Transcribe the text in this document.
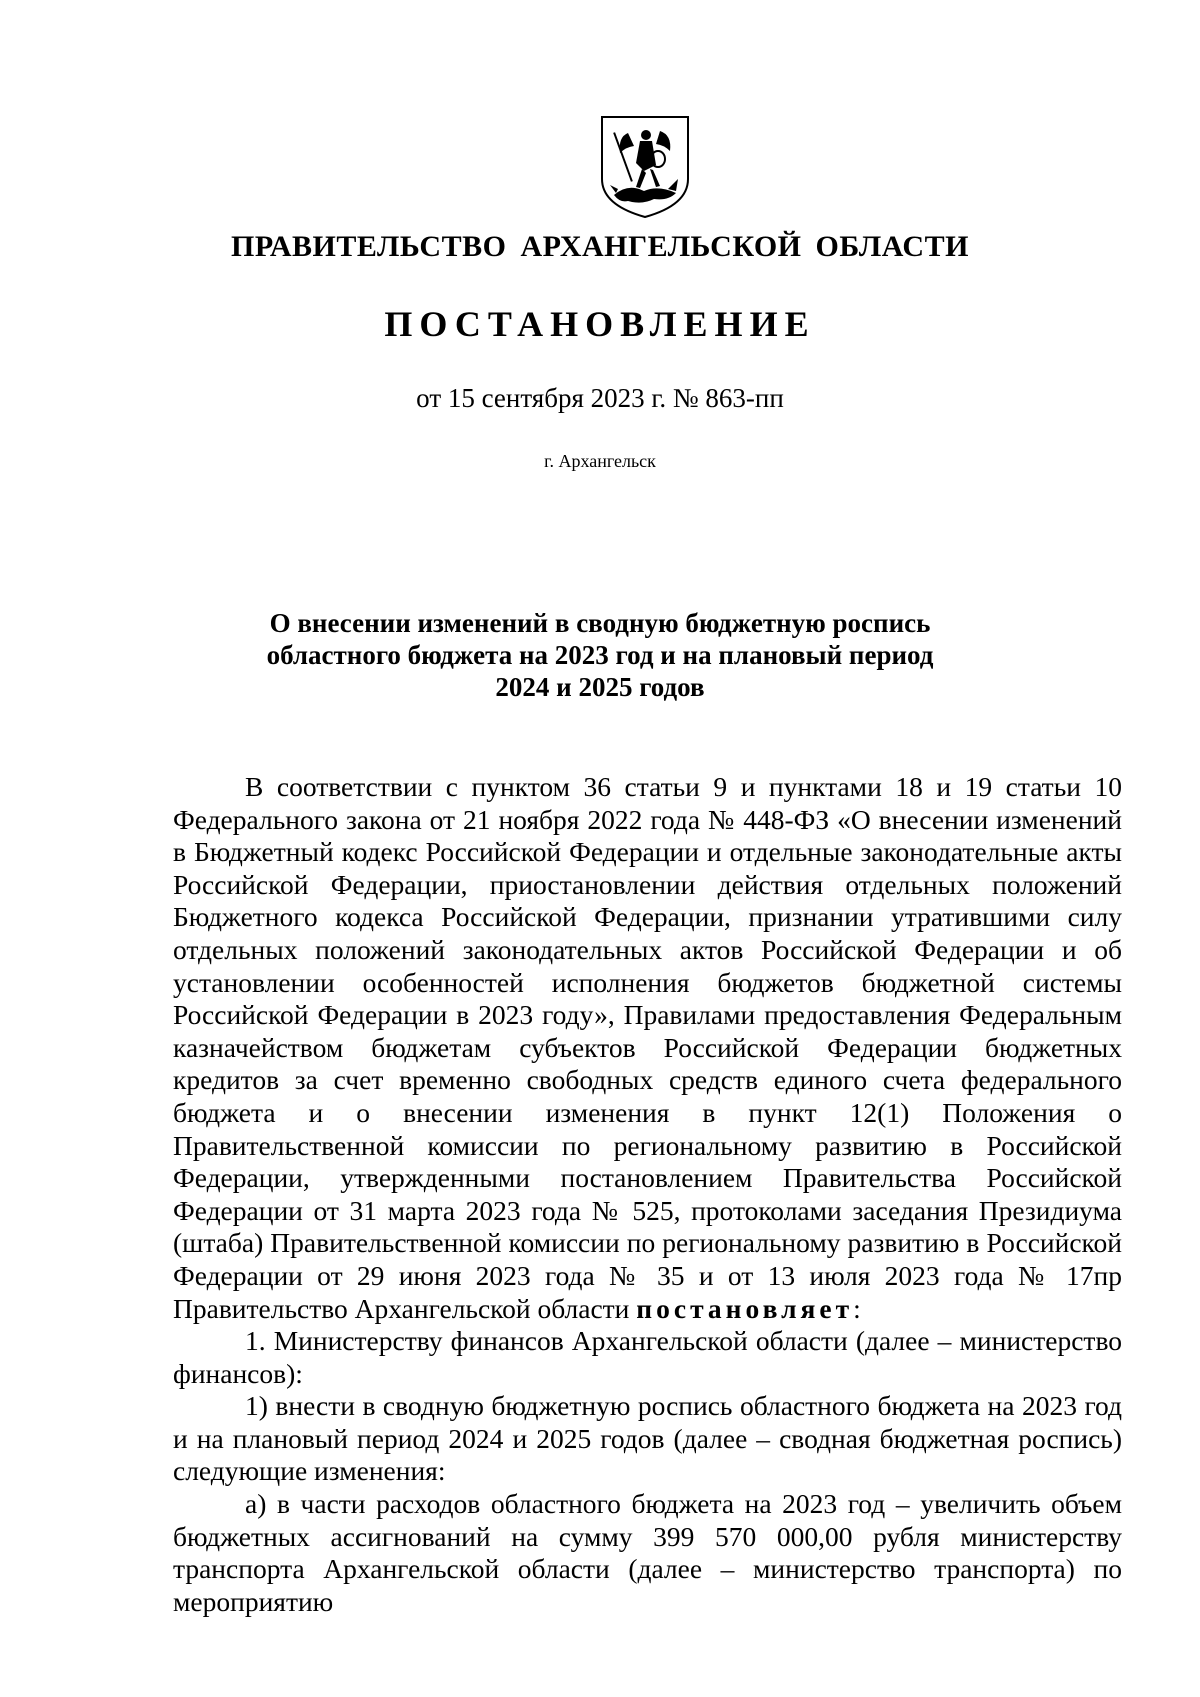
ПРАВИТЕЛЬСТВО АРХАНГЕЛЬСКОЙ ОБЛАСТИ
ПОСТАНОВЛЕНИЕ
от 15 сентября 2023 г. № 863-пп
г. Архангельск
О внесении изменений в сводную бюджетную роспись
областного бюджета на 2023 год и на плановый период
2024 и 2025 годов

В соответствии с пунктом 36 статьи 9 и пунктами 18 и 19 статьи 10 Федерального закона от 21 ноября 2022 года № 448-ФЗ «О внесении изменений в Бюджетный кодекс Российской Федерации и отдельные законодательные акты Российской Федерации, приостановлении действия отдельных положений Бюджетного кодекса Российской Федерации, признании утратившими силу отдельных положений законодательных актов Российской Федерации и об установлении особенностей исполнения бюджетов бюджетной системы Российской Федерации в 2023 году», Правилами предоставления Федеральным казначейством бюджетам субъектов Российской Федерации бюджетных кредитов за счет временно свободных средств единого счета федерального бюджета и о внесении изменения в пункт 12(1) Положения о Правительственной комиссии по региональному развитию в Российской Федерации, утвержденными постановлением Правительства Российской Федерации от 31 марта 2023 года № 525, протоколами заседания Президиума (штаба) Правительственной комиссии по региональному развитию в Российской Федерации от 29 июня 2023 года № 35 и от 13 июля 2023 года № 17пр Правительство Архангельской области постановляет:

1. Министерству финансов Архангельской области (далее – министерство финансов):

1) внести в сводную бюджетную роспись областного бюджета на 2023 год и на плановый период 2024 и 2025 годов (далее – сводная бюджетная роспись) следующие изменения:

а) в части расходов областного бюджета на 2023 год – увеличить объем бюджетных ассигнований на сумму 399 570 000,00 рубля министерству транспорта Архангельской области (далее – министерство транспорта) по мероприятию
